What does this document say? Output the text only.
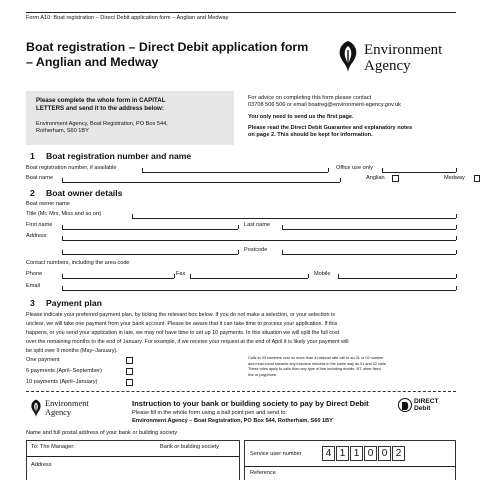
Form A10: Boat registration – Direct Debit application form – Anglian and Medway
Boat registration – Direct Debit application form
– Anglian and Medway
Environment
Agency
Please complete the whole form in CAPITAL
LETTERS and send it to the address below:
Environment Agency, Boat Registration, PO Box 544,
Rotherham, S60 1BY
For advice on completing this form please contact
03708 506 506 or email boatreg@environment-agency.gov.uk
You only need to send us the first page.
Please read the Direct Debit Guarantee and explanatory notes
on page 2. This should be kept for information.
1 Boat registration number and name
Boat registration number, if available	Office use only
Boat name	Anglian	Medway
2 Boat owner details
Boat owner name
Title (Mr, Mrs, Miss and so on)
First name	Last name
Address
Postcode
Contact numbers, including the area code
Phone	Fax	Mobile
Email
3 Payment plan
Please indicate your preferred payment plan, by ticking the relevant box below. If you do not make a selection, or your selection is
unclear, we will take one payment from your bank account. Please be aware that it can take time to process your application. If this
happens, or you send your application in late, we may not have time to set up 10 payments. In this situation we will split the full cost
over the remaining months to the end of January. For example, if we receive your request at the end of April it is likely your payment will
be split over 9 months (May–January).
One payment
6 payments (April–September)
10 payments (April–January)
Calls to 03 numbers cost no more than a national rate call to an 01 or 02 number
and must count towards any inclusive minutes in the same way as 01 and 02 calls.
These rules apply to calls from any type of line including mobile, BT, other fixed
line or payphone.
Environment
Agency
Instruction to your bank or building society to pay by Direct Debit
Please fill in the whole form using a ball point pen and send to:
Environment Agency – Boat Registration, PO Box 544, Rotherham, S60 1BY
DIRECT
Debit
Name and full postal address of your bank or building society
To: The Manager:	Bank or building society
Address
Service user number	4 1 1 0 0 2
Reference
